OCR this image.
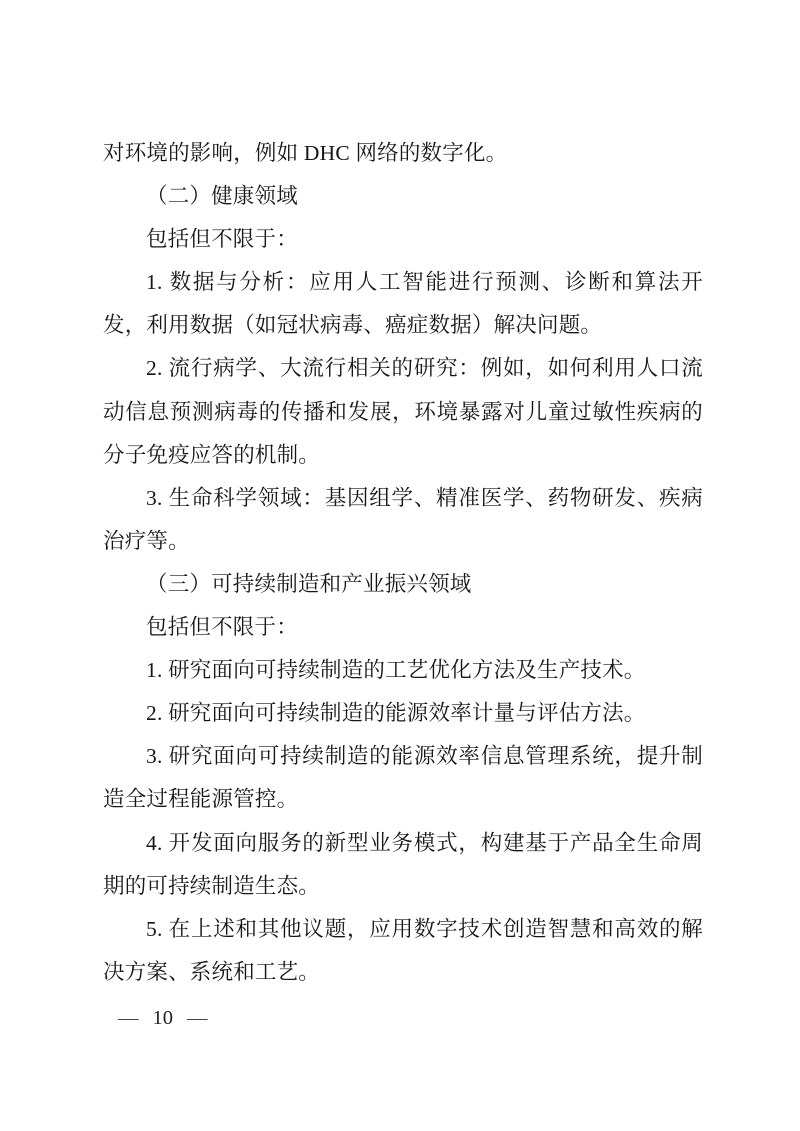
对环境的影响，例如 DHC 网络的数字化。

（二）健康领域

包括但不限于：

1. 数据与分析：应用人工智能进行预测、诊断和算法开发，利用数据（如冠状病毒、癌症数据）解决问题。

2. 流行病学、大流行相关的研究：例如，如何利用人口流动信息预测病毒的传播和发展，环境暴露对儿童过敏性疾病的分子免疫应答的机制。

3. 生命科学领域：基因组学、精准医学、药物研发、疾病治疗等。

（三）可持续制造和产业振兴领域

包括但不限于：

1. 研究面向可持续制造的工艺优化方法及生产技术。

2. 研究面向可持续制造的能源效率计量与评估方法。

3. 研究面向可持续制造的能源效率信息管理系统，提升制造全过程能源管控。

4. 开发面向服务的新型业务模式，构建基于产品全生命周期的可持续制造生态。

5. 在上述和其他议题，应用数字技术创造智慧和高效的解决方案、系统和工艺。

— 10 —
